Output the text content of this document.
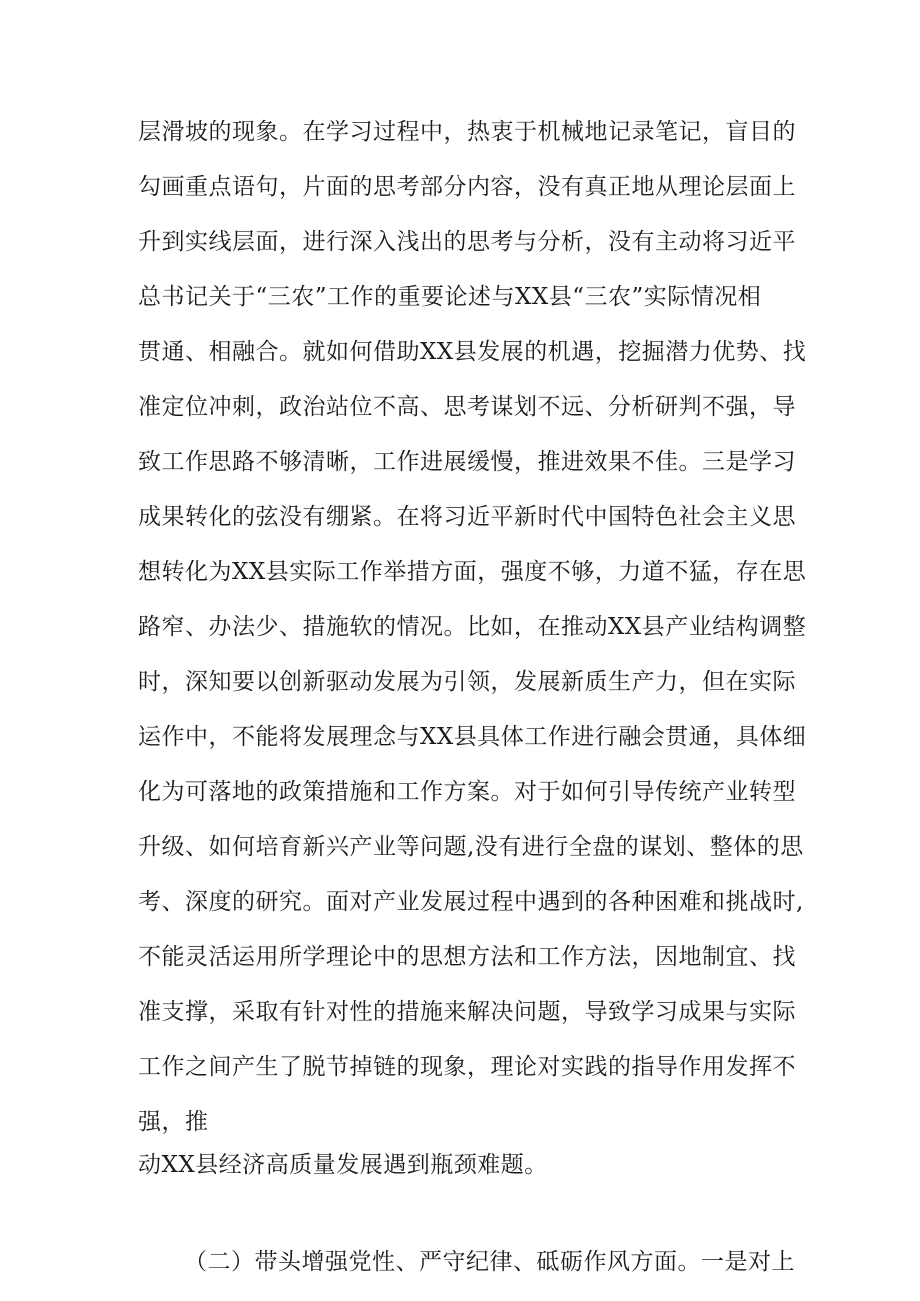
层滑坡的现象。在学习过程中，热衷于机械地记录笔记，盲目的
勾画重点语句，片面的思考部分内容，没有真正地从理论层面上
升到实线层面，进行深入浅出的思考与分析，没有主动将习近平
总书记关于“三农”工作的重要论述与XX县“三农”实际情况相
贯通、相融合。就如何借助XX县发展的机遇，挖掘潜力优势、找
准定位冲刺，政治站位不高、思考谋划不远、分析研判不强，导
致工作思路不够清晰，工作进展缓慢，推进效果不佳。三是学习
成果转化的弦没有绷紧。在将习近平新时代中国特色社会主义思
想转化为XX县实际工作举措方面，强度不够，力道不猛，存在思
路窄、办法少、措施软的情况。比如，在推动XX县产业结构调整
时，深知要以创新驱动发展为引领，发展新质生产力，但在实际
运作中，不能将发展理念与XX县具体工作进行融会贯通，具体细
化为可落地的政策措施和工作方案。对于如何引导传统产业转型
升级、如何培育新兴产业等问题,没有进行全盘的谋划、整体的思
考、深度的研究。面对产业发展过程中遇到的各种困难和挑战时,
不能灵活运用所学理论中的思想方法和工作方法，因地制宜、找
准支撑，采取有针对性的措施来解决问题，导致学习成果与实际
工作之间产生了脱节掉链的现象，理论对实践的指导作用发挥不
强，推
动XX县经济高质量发展遇到瓶颈难题。
（二）带头增强党性、严守纪律、砥砺作风方面。一是对上
